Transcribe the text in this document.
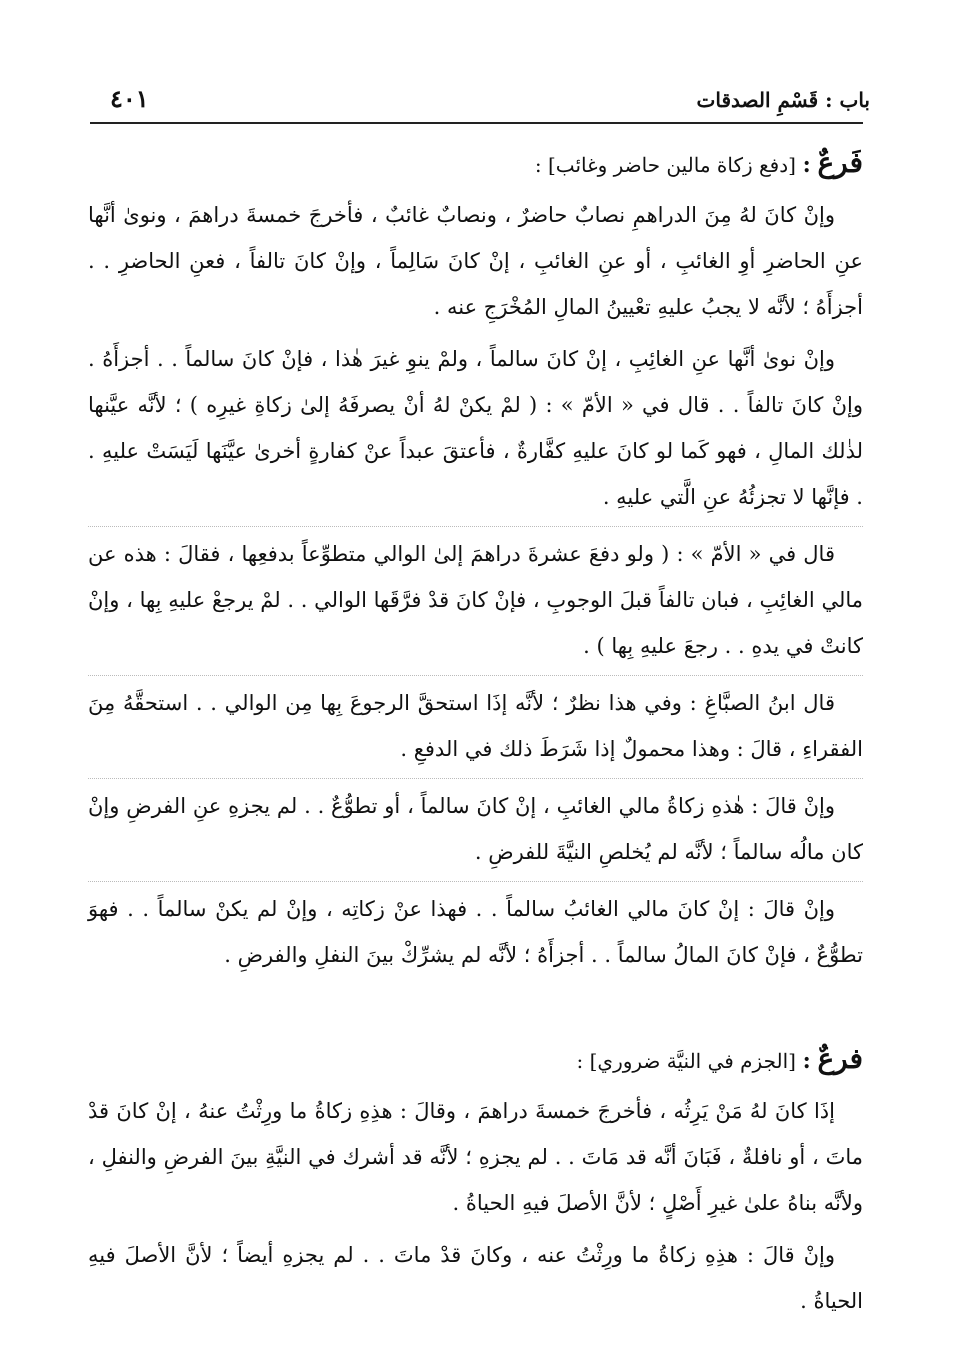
باب : قَسْمِ الصدقات
٤٠١
فَرعٌ : [دفع زكاة مالين حاضر وغائب] :

وإنْ كانَ لهُ مِنَ الدراهمِ نصابٌ حاضرٌ ، ونصابٌ غائبٌ ، فأخرجَ خمسةَ دراهمَ ، ونوىٰ أنَّها عنِ الحاضرِ أوِ الغائبِ ، أو عنِ الغائبِ ، إنْ كانَ سَالِماً ، وإنْ كانَ تالفاً ، فعنِ الحاضرِ . . أجزأَهُ ؛ لأنَّه لا يجبُ عليهِ تعْيينُ المالِ المُخْرَجِ عنه .

وإنْ نوىٰ أنَّها عنِ الغائِبِ ، إنْ كانَ سالماً ، ولمْ ينوِ غيرَ هٰذا ، فإنْ كانَ سالماً . . أجزأَهُ . وإنْ كانَ تالفاً . . قال في « الأمّ » : ( لمْ يكنْ لهُ أنْ يصرفَهُ إلىٰ زكاةِ غيرِه ) ؛ لأنَّه عيَّنها لذٰلك المالِ ، فهو كَما لو كانَ عليهِ كفَّارةٌ ، فأعتقَ عبداً عنْ كفارةٍ أخرىٰ عيَّنَها لَيَسَتْ عليهِ . . فإنَّها لا تجزئُهُ عنِ الَّتي عليهِ .

قال في « الأمّ » : ( ولو دفعَ عشرةَ دراهمَ إلىٰ الوالي متطوِّعاً بدفعِها ، فقالَ : هذه عن مالي الغائِبِ ، فبان تالفاً قبلَ الوجوبِ ، فإنْ كانَ قدْ فرَّقَها الوالي . . لمْ يرجعْ عليهِ بِها ، وإنْ كانتْ في يدهِ . . رجعَ عليهِ بِها ) .

قال ابنُ الصبَّاغِ : وفي هذا نظرٌ ؛ لأنَّه إذَا استحقَّ الرجوعَ بِها مِن الوالي . . استحقَّهُ مِنَ الفقراءِ ، قالَ : وهذا محمولٌ إذا شَرَطَ ذلك في الدفعِ .

وإنْ قالَ : هٰذهِ زكاةُ مالي الغائبِ ، إنْ كانَ سالماً ، أو تطوُّعٌ . . لم يجزهِ عنِ الفرضِ وإنْ كان مالُه سالماً ؛ لأنَّه لم يُخلصِ النيَّةَ للفرضِ .

وإنْ قالَ : إنْ كانَ مالي الغائبُ سالماً . . فهذا عنْ زكاتِه ، وإنْ لم يكنْ سالماً . . فهوَ تطوُّعٌ ، فإنْ كانَ المالُ سالماً . . أجزأَهُ ؛ لأنَّه لم يشرِّكْ بينَ النفلِ والفرضِ .

فرعٌ : [الجزم في النيَّة ضروري] :

إذَا كانَ لهُ مَنْ يَرِثُه ، فأخرجَ خمسةَ دراهمَ ، وقالَ : هذِهِ زكاةُ ما ورِثْتُ عنهُ ، إنْ كانَ قدْ ماتَ ، أو نافلةٌ ، فَبَانَ أنَّه قد مَاتَ . . لم يجزهِ ؛ لأنَّه قد أشرك في النيَّةِ بينَ الفرضِ والنفلِ ، ولأنَّه بناهُ علىٰ غيرِ أَصْلٍ ؛ لأنَّ الأصلَ فيهِ الحياةُ .

وإنْ قالَ : هذِهِ زكاةُ ما ورِثْتُ عنه ، وكانَ قدْ ماتَ . . لم يجزهِ أيضاً ؛ لأنَّ الأصلَ فيهِ الحياةُ .
